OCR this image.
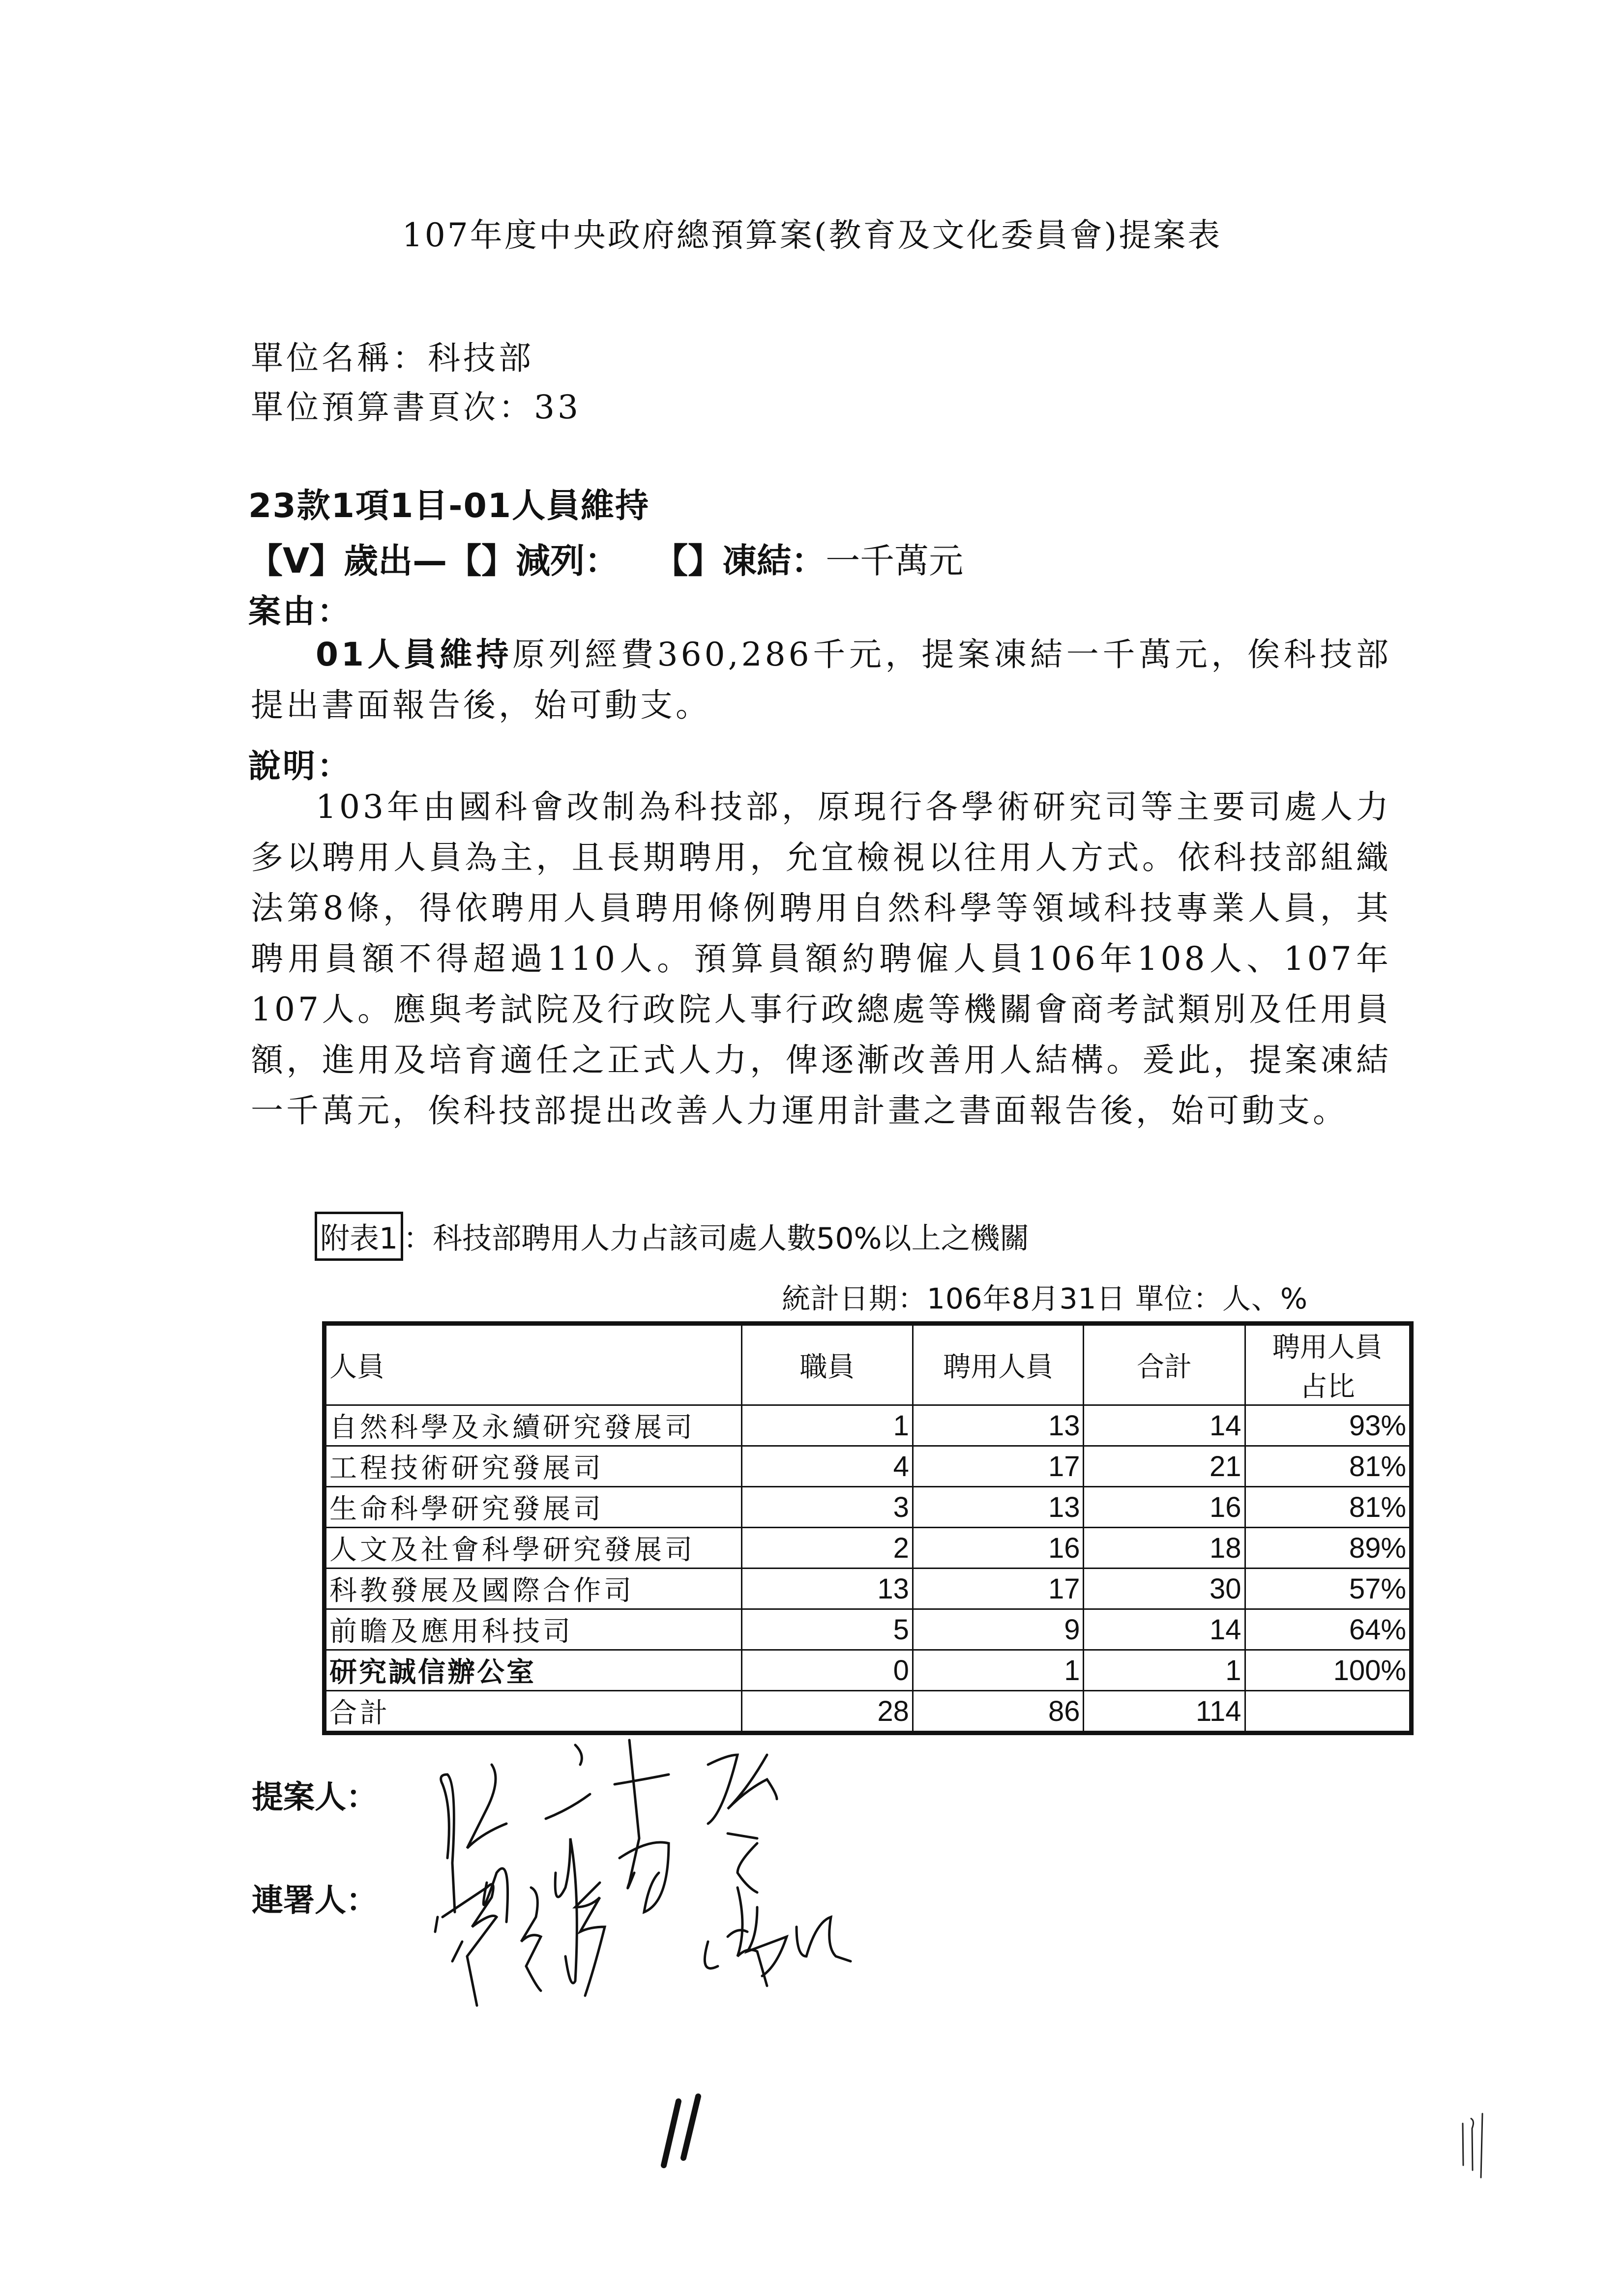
107年度中央政府總預算案(教育及文化委員會)提案表
單位名稱：科技部
單位預算書頁次：33
23款1項1目-01人員維持
【V】歲出—【】減列： 【】凍結：一千萬元
案由：
01人員維持原列經費360,286千元，提案凍結一千萬元，俟科技部提出書面報告後，始可動支。
說明：
103年由國科會改制為科技部，原現行各學術研究司等主要司處人力多以聘用人員為主，且長期聘用，允宜檢視以往用人方式。依科技部組織法第8條，得依聘用人員聘用條例聘用自然科學等領域科技專業人員，其聘用員額不得超過110人。預算員額約聘僱人員106年108人、107年107人。應與考試院及行政院人事行政總處等機關會商考試類別及任用員額，進用及培育適任之正式人力，俾逐漸改善用人結構。爰此，提案凍結一千萬元，俟科技部提出改善人力運用計畫之書面報告後，始可動支。
附表1 ：科技部聘用人力占該司處人數50%以上之機關
統計日期：106年8月31日 單位：人、%
人員	職員	聘用人員	合計	聘用人員
占比

自然科學及永續研究發展司	1	13	14	93%
工程技術研究發展司	4	17	21	81%
生命科學研究發展司	3	13	16	81%
人文及社會科學研究發展司	2	16	18	89%
科教發展及國際合作司	13	17	30	57%
前瞻及應用科技司	5	9	14	64%
研究誠信辦公室	0	1	1	100%
合計	28	86	114	
提案人：
連署人：
